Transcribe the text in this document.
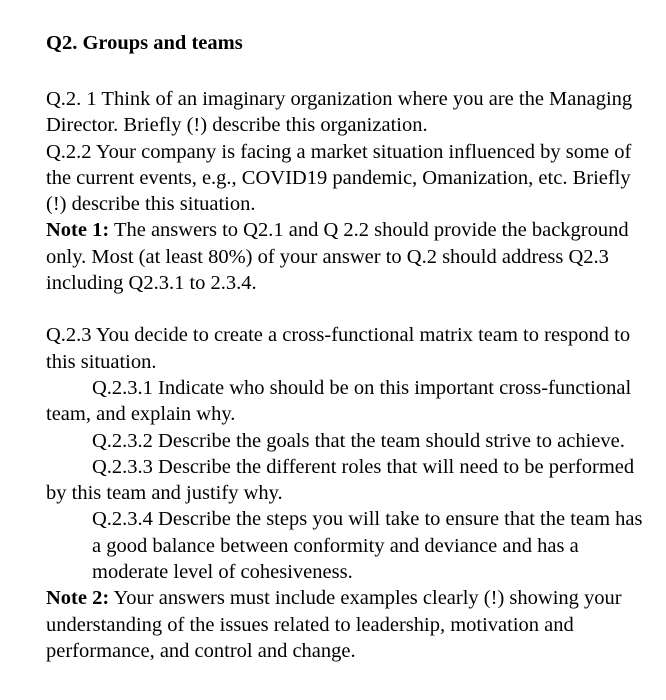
Q2. Groups and teams

Q.2. 1 Think of an imaginary organization where you are the Managing Director. Briefly (!) describe this organization.

Q.2.2 Your company is facing a market situation influenced by some of the current events, e.g., COVID19 pandemic, Omanization, etc. Briefly (!) describe this situation.

Note 1: The answers to Q2.1 and Q 2.2 should provide the background only. Most (at least 80%) of your answer to Q.2 should address Q2.3 including Q2.3.1 to 2.3.4.

Q.2.3 You decide to create a cross-functional matrix team to respond to this situation.

Q.2.3.1 Indicate who should be on this important cross-functional team, and explain why.

Q.2.3.2 Describe the goals that the team should strive to achieve.

Q.2.3.3 Describe the different roles that will need to be performed by this team and justify why.

Q.2.3.4 Describe the steps you will take to ensure that the team has a good balance between conformity and deviance and has a moderate level of cohesiveness.

Note 2: Your answers must include examples clearly (!) showing your understanding of the issues related to leadership, motivation and performance, and control and change.
